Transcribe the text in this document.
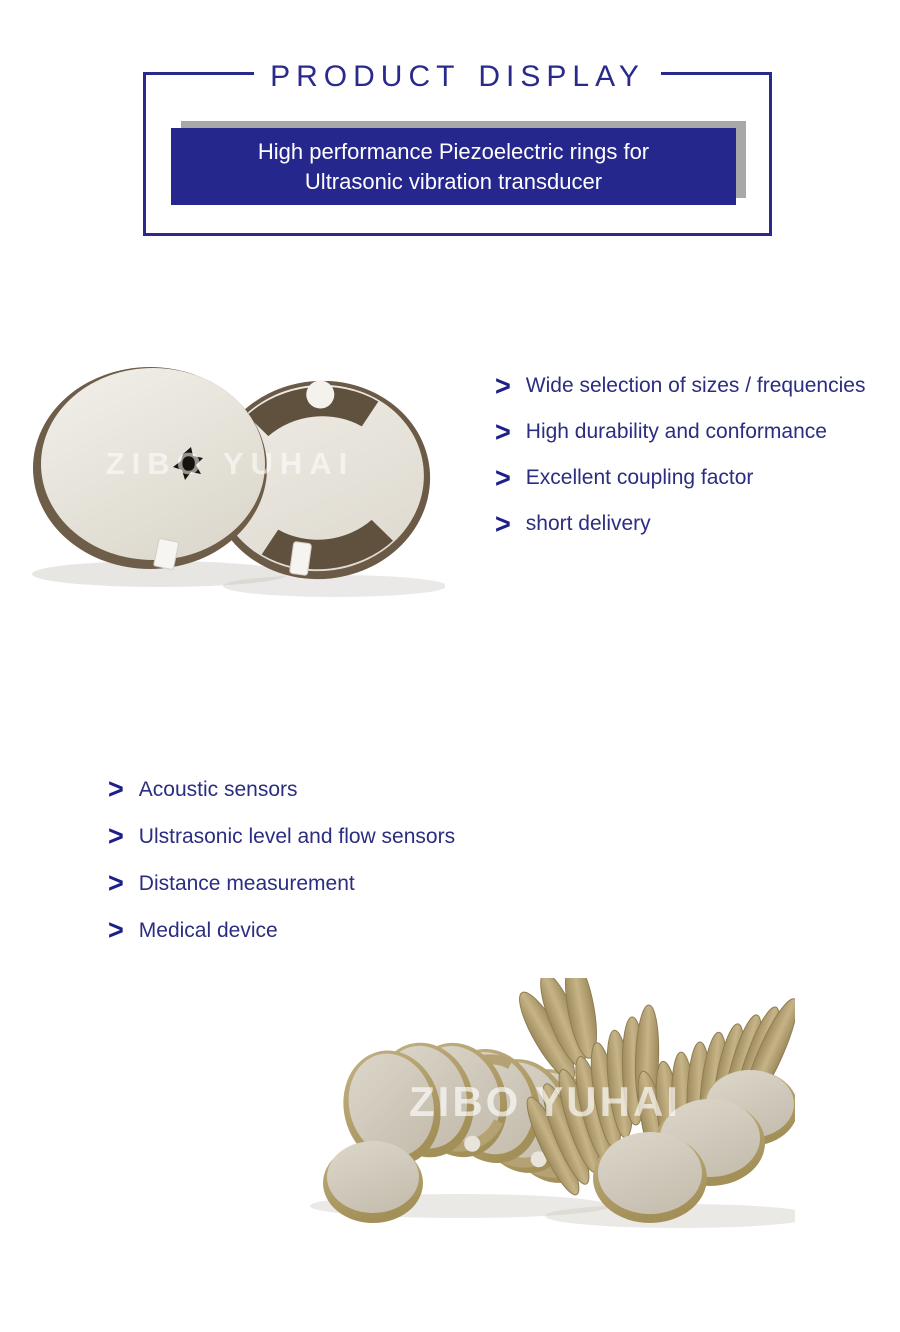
product display
High performance Piezoelectric rings for
Ultrasonic vibration transducer
ZIBO YUHAI
> Wide selection of sizes / frequencies
> High durability and conformance
> Excellent coupling factor
> short delivery
> Acoustic sensors
> Ulstrasonic level and flow sensors
> Distance measurement
> Medical device
ZIBO YUHAI
